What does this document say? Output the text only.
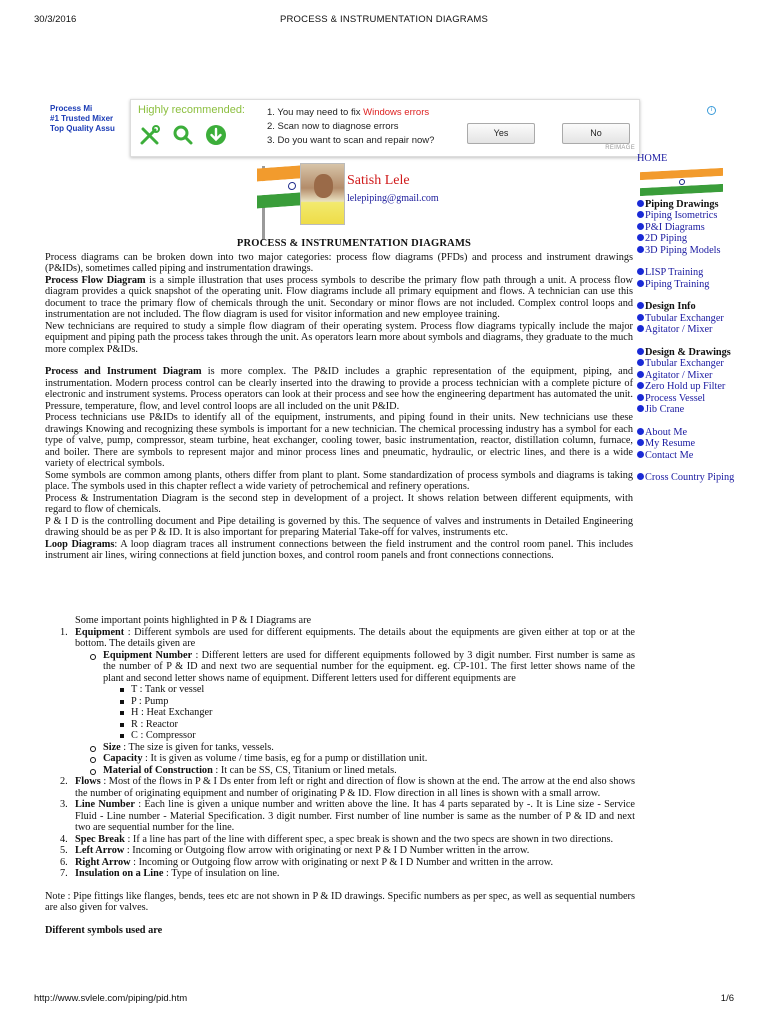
30/3/2016	PROCESS & INSTRUMENTATION DIAGRAMS
Process Mi
#1 Trusted Mixer
Top Quality Assu
Highly recommended: 1. You may need to fix Windows errors
2. Scan now to diagnose errors
3. Do you want to scan and repair now?
Yes	No
REIMAGE
i
Satish Lele
lelepiping@gmail.com
HOME
Piping Drawings
Piping Isometrics
P&I Diagrams
2D Piping
3D Piping Models
LISP Training
Piping Training
Design Info
Tubular Exchanger
Agitator / Mixer
Design & Drawings
Tubular Exchanger
Agitator / Mixer
Zero Hold up Filter
Process Vessel
Jib Crane
About Me
My Resume
Contact Me
Cross Country Piping
PROCESS & INSTRUMENTATION DIAGRAMS

Process diagrams can be broken down into two major categories: process flow diagrams (PFDs) and process and instrument drawings (P&IDs), sometimes called piping and instrumentation drawings.

Process Flow Diagram is a simple illustration that uses process symbols to describe the primary flow path through a unit. A process flow diagram provides a quick snapshot of the operating unit. Flow diagrams include all primary equipment and flows. A technician can use this document to trace the primary flow of chemicals through the unit. Secondary or minor flows are not included. Complex control loops and instrumentation are not included. The flow diagram is used for visitor information and new employee training.

New technicians are required to study a simple flow diagram of their operating system. Process flow diagrams typically include the major equipment and piping path the process takes through the unit. As operators learn more about symbols and diagrams, they graduate to the much more complex P&IDs.

Process and Instrument Diagram is more complex. The P&ID includes a graphic representation of the equipment, piping, and instrumentation. Modern process control can be clearly inserted into the drawing to provide a process technician with a complete picture of electronic and instrument systems. Process operators can look at their process and see how the engineering department has automated the unit. Pressure, temperature, flow, and level control loops are all included on the unit P&ID.

Process technicians use P&IDs to identify all of the equipment, instruments, and piping found in their units. New technicians use these drawings Knowing and recognizing these symbols is important for a new technician. The chemical processing industry has a symbol for each type of valve, pump, compressor, steam turbine, heat exchanger, cooling tower, basic instrumentation, reactor, distillation column, furnace, and boiler. There are symbols to represent major and minor process lines and pneumatic, hydraulic, or electric lines, and there is a wide variety of electrical symbols.

Some symbols are common among plants, others differ from plant to plant. Some standardization of process symbols and diagrams is taking place. The symbols used in this chapter reflect a wide variety of petrochemical and refinery operations.

Process & Instrumentation Diagram is the second step in development of a project. It shows relation between different equipments, with regard to flow of chemicals.

P & I D is the controlling document and Pipe detailing is governed by this. The sequence of valves and instruments in Detailed Engineering drawing should be as per P & ID. It is also important for preparing Material Take-off for valves, instruments etc.

Loop Diagrams: A loop diagram traces all instrument connections between the field instrument and the control room panel. This includes instrument air lines, wiring connections at field junction boxes, and control room panels and front connections connections.

Some important points highlighted in P & I Diagrams are

Equipment : Different symbols are used for different equipments. The details about the equipments are given either at top or at the bottom. The details given are
Equipment Number : Different letters are used for different equipments followed by 3 digit number. First number is same as the number of P & ID and next two are sequential number for the equipment. eg. CP-101. The first letter shows name of the plant and second letter shows name of equipment. Different letters used for different equipments are
T : Tank or vessel
P : Pump
H : Heat Exchanger
R : Reactor
C : Compressor
Size : The size is given for tanks, vessels.
Capacity : It is given as volume / time basis, eg for a pump or distillation unit.
Material of Construction : It can be SS, CS, Titanium or lined metals.
Flows : Most of the flows in P & I Ds enter from left or right and direction of flow is shown at the end. The arrow at the end also shows the number of originating equipment and number of originating P & ID. Flow direction in all lines is shown with a small arrow.
Line Number : Each line is given a unique number and written above the line. It has 4 parts separated by -. It is Line size - Service Fluid - Line number - Material Specification. 3 digit number. First number of line number is same as the number of P & ID and next two are sequential number for the line.
Spec Break : If a line has part of the line with different spec, a spec break is shown and the two specs are shown in two directions.
Left Arrow : Incoming or Outgoing flow arrow with originating or next P & I D Number written in the arrow.
Right Arrow : Incoming or Outgoing flow arrow with originating or next P & I D Number and written in the arrow.
Insulation on a Line : Type of insulation on line.

Note : Pipe fittings like flanges, bends, tees etc are not shown in P & ID drawings. Specific numbers as per spec, as well as sequential numbers are also given for valves.

Different symbols used are

http://www.svlele.com/piping/pid.htm	1/6
